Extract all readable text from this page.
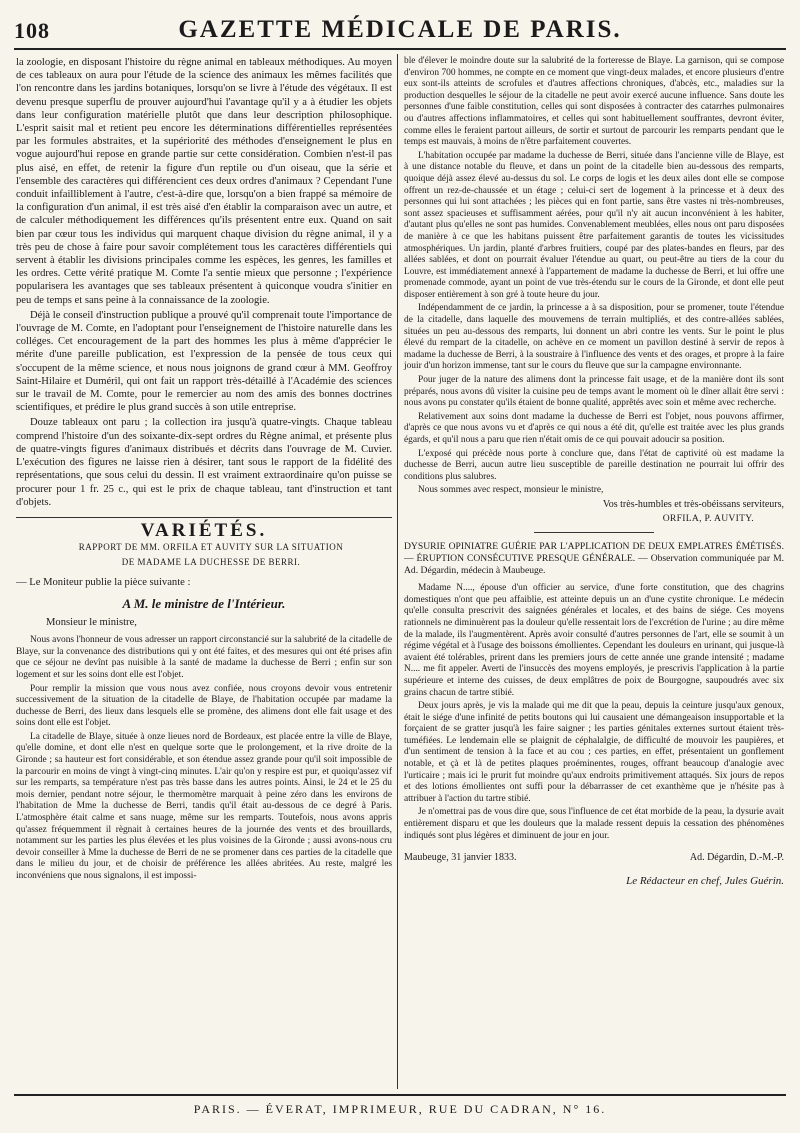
108	GAZETTE MÉDICALE DE PARIS.

la zoologie, en disposant l'histoire du règne animal en tableaux méthodiques. Au moyen de ces tableaux on aura pour l'étude de la science des animaux les mêmes facilités que l'on rencontre dans les jardins botaniques, lorsqu'on se livre à l'étude des végétaux. Il est devenu presque superflu de prouver aujourd'hui l'avantage qu'il y a à étudier les objets dans leur configuration matérielle plutôt que dans leur description philosophique. L'esprit saisit mal et retient peu encore les déterminations différentielles représentées par les formules abstraites, et la supériorité des méthodes d'enseignement le plus en vogue aujourd'hui repose en grande partie sur cette considération. Combien n'est-il pas plus aisé, en effet, de retenir la figure d'un reptile ou d'un oiseau, que la série et l'ensemble des caractères qui différencient ces deux ordres d'animaux ? Cependant l'une conduit infailliblement à l'autre, c'est-à-dire que, lorsqu'on a bien frappé sa mémoire de la configuration d'un animal, il est très aisé d'en établir la comparaison avec un autre, et de calculer méthodiquement les différences qu'ils présentent entre eux. Quand on sait bien par cœur tous les individus qui marquent chaque division du règne animal, il y a très peu de chose à faire pour savoir complétement tous les caractères différentiels qui servent à établir les divisions principales comme les espèces, les genres, les familles et les ordres. Cette vérité pratique M. Comte l'a sentie mieux que personne ; l'expérience popularisera les avantages que ses tableaux présentent à quiconque voudra s'initier en peu de temps et sans peine à la connaissance de la zoologie.

Déjà le conseil d'instruction publique a prouvé qu'il comprenait toute l'importance de l'ouvrage de M. Comte, en l'adoptant pour l'enseignement de l'histoire naturelle dans les colléges. Cet encouragement de la part des hommes les plus à même d'apprécier le mérite d'une pareille publication, est l'expression de la pensée de tous ceux qui s'occupent de la même science, et nous nous joignons de grand cœur à MM. Geoffroy Saint-Hilaire et Duméril, qui ont fait un rapport très-détaillé à l'Académie des sciences sur le travail de M. Comte, pour le remercier au nom des amis des bonnes doctrines scientifiques, et prédire le plus grand succès à son utile entreprise.

Douze tableaux ont paru ; la collection ira jusqu'à quatre-vingts. Chaque tableau comprend l'histoire d'un des soixante-dix-sept ordres du Règne animal, et présente plus de quatre-vingts figures d'animaux distribués et décrits dans l'ouvrage de M. Cuvier. L'exécution des figures ne laisse rien à désirer, tant sous le rapport de la fidélité des représentations, que sous celui du dessin. Il est vraiment extraordinaire qu'on puisse se procurer pour 1 fr. 25 c., qui est le prix de chaque tableau, tant d'instruction et tant d'objets.

VARIÉTÉS.

RAPPORT DE MM. ORFILA ET AUVITY SUR LA SITUATION

DE MADAME LA DUCHESSE DE BERRI.

— Le Moniteur publie la pièce suivante :

A M. le ministre de l'Intérieur.
Monsieur le ministre,

Nous avons l'honneur de vous adresser un rapport circonstancié sur la salubrité de la citadelle de Blaye, sur la convenance des distributions qui y ont été faites, et des mesures qui ont été prises afin que ce séjour ne devînt pas nuisible à la santé de madame la duchesse de Berri ; enfin sur son logement et sur les soins dont elle est l'objet.

Pour remplir la mission que vous nous avez confiée, nous croyons devoir vous entretenir successivement de la situation de la citadelle de Blaye, de l'habitation occupée par madame la duchesse de Berri, des lieux dans lesquels elle se promène, des alimens dont elle fait usage et des soins dont elle est l'objet.

La citadelle de Blaye, située à onze lieues nord de Bordeaux, est placée entre la ville de Blaye, qu'elle domine, et dont elle n'est en quelque sorte que le prolongement, et la rive droite de la Gironde ; sa hauteur est fort considérable, et son étendue assez grande pour qu'il soit impossible de la parcourir en moins de vingt à vingt-cinq minutes. L'air qu'on y respire est pur, et quoiqu'assez vif sur les remparts, sa température n'est pas très basse dans les autres points. Ainsi, le 24 et le 25 du mois dernier, pendant notre séjour, le thermomètre marquait à peine zéro dans les environs de l'habitation de Mme la duchesse de Berri, tandis qu'il était au-dessous de ce degré à Paris. L'atmosphère était calme et sans nuage, même sur les remparts. Toutefois, nous avons appris qu'assez fréquemment il règnait à certaines heures de la journée des vents et des brouillards, notamment sur les parties les plus élevées et les plus voisines de la Gironde ; aussi avons-nous cru devoir conseiller à Mme la duchesse de Berri de ne se promener dans ces parties de la citadelle que dans le milieu du jour, et de choisir de préférence les allées abritées. Au reste, malgré les inconvéniens que nous signalons, il est impossi-

ble d'élever le moindre doute sur la salubrité de la forteresse de Blaye. La garnison, qui se compose d'environ 700 hommes, ne compte en ce moment que vingt-deux malades, et encore plusieurs d'entre eux sont-ils atteints de scrofules et d'autres affections chroniques, d'abcès, etc., maladies sur la production desquelles le séjour de la citadelle ne peut avoir exercé aucune influence. Sans doute les personnes d'une faible constitution, celles qui sont disposées à contracter des catarrhes pulmonaires ou d'autres affections inflammatoires, et celles qui sont habituellement souffrantes, devront éviter, comme elles le feraient partout ailleurs, de sortir et surtout de parcourir les remparts pendant que le temps est mauvais, à moins de n'être parfaitement couvertes.

L'habitation occupée par madame la duchesse de Berri, située dans l'ancienne ville de Blaye, est à une distance notable du fleuve, et dans un point de la citadelle bien au-dessous des remparts, quoique déjà assez élevé au-dessus du sol. Le corps de logis et les deux ailes dont elle se compose offrent un rez-de-chaussée et un étage ; celui-ci sert de logement à la princesse et à deux des personnes qui lui sont attachées ; les pièces qui en font partie, sans être vastes ni très-nombreuses, sont assez spacieuses et suffisamment aérées, pour qu'il n'y ait aucun inconvénient à les habiter, d'autant plus qu'elles ne sont pas humides. Convenablement meublées, elles nous ont paru disposées de manière à ce que les habitans puissent être parfaitement garantis de toutes les vicissitudes atmosphériques. Un jardin, planté d'arbres fruitiers, coupé par des plates-bandes en fleurs, par des allées sablées, et dont on pourrait évaluer l'étendue au quart, ou peut-être au tiers de la cour du Louvre, est immédiatement annexé à l'appartement de madame la duchesse de Berri, et lui offre une promenade commode, ayant un point de vue très-étendu sur le cours de la Gironde, et dont elle peut disposer entièrement à son gré à toute heure du jour.

Indépendamment de ce jardin, la princesse a à sa disposition, pour se promener, toute l'étendue de la citadelle, dans laquelle des mouvemens de terrain multipliés, et des contre-allées sablées, situées un peu au-dessous des remparts, lui donnent un abri contre les vents. Sur le point le plus élevé du rempart de la citadelle, on achève en ce moment un pavillon destiné à servir de repos à madame la duchesse de Berri, à la soustraire à l'influence des vents et des orages, et propre à la faire jouir d'un horizon immense, tant sur le cours du fleuve que sur la campagne environnante.

Pour juger de la nature des alimens dont la princesse fait usage, et de la manière dont ils sont préparés, nous avons dû visiter la cuisine peu de temps avant le moment où le dîner allait être servi : nous avons pu constater qu'ils étaient de bonne qualité, apprêtés avec soin et même avec recherche.

Relativement aux soins dont madame la duchesse de Berri est l'objet, nous pouvons affirmer, d'après ce que nous avons vu et d'après ce qui nous a été dit, qu'elle est traitée avec les plus grands égards, et qu'il nous a paru que rien n'était omis de ce qui pouvait adoucir sa position.

L'exposé qui précède nous porte à conclure que, dans l'état de captivité où est madame la duchesse de Berri, aucun autre lieu susceptible de pareille destination ne pourrait lui offrir des conditions plus salubres.

Nous sommes avec respect, monsieur le ministre,

Vos très-humbles et très-obéissans serviteurs,
ORFILA, P. AUVITY.

DYSURIE OPINIATRE GUÉRIE PAR L'APPLICATION DE DEUX EMPLATRES ÉMÉTISÉS. — ÉRUPTION CONSÉCUTIVE PRESQUE GÉNÉRALE. — Observation communiquée par M. Ad. Dégardin, médecin à Maubeuge.

Madame N...., épouse d'un officier au service, d'une forte constitution, que des chagrins domestiques n'ont que peu affaiblie, est atteinte depuis un an d'une cystite chronique. Le médecin qu'elle consulta prescrivit des saignées générales et locales, et des bains de siége. Ces moyens rationnels ne diminuèrent pas la douleur qu'elle ressentait lors de l'excrétion de l'urine ; au dire même de la malade, ils l'augmentèrent. Après avoir consulté d'autres personnes de l'art, elle se soumit à un régime végétal et à l'usage des boissons émollientes. Cependant les douleurs en urinant, qui jusque-là avaient été tolérables, prirent dans les premiers jours de cette année une grande intensité ; madame N.... me fit appeler. Averti de l'insuccès des moyens employés, je prescrivis l'application à la partie supérieure et interne des cuisses, de deux emplâtres de poix de Bourgogne, saupoudrés avec six grains chacun de tartre stibié.

Deux jours après, je vis la malade qui me dit que la peau, depuis la ceinture jusqu'aux genoux, était le siége d'une infinité de petits boutons qui lui causaient une démangeaison insupportable et la forçaient de se gratter jusqu'à les faire saigner ; les parties génitales externes surtout étaient très-tuméfiées. Le lendemain elle se plaignit de céphalalgie, de difficulté de mouvoir les paupières, et d'un sentiment de tension à la face et au cou ; ces parties, en effet, présentaient un gonflement notable, et çà et là de petites plaques proéminentes, rouges, offrant beaucoup d'analogie avec l'urticaire ; mais ici le prurit fut moindre qu'aux endroits primitivement attaqués. Six jours de repos et des lotions émollientes ont suffi pour la débarrasser de cet exanthème que je n'hésite pas à attribuer à l'action du tartre stibié.

Je n'omettrai pas de vous dire que, sous l'influence de cet état morbide de la peau, la dysurie avait entièrement disparu et que les douleurs que la malade ressent depuis la cessation des phénomènes indiqués sont plus légères et diminuent de jour en jour.

Maubeuge, 31 janvier 1833.	Ad. Dégardin, D.-M.-P.
Le Rédacteur en chef, Jules Guérin.
PARIS. — ÉVERAT, IMPRIMEUR, RUE DU CADRAN, N° 16.
